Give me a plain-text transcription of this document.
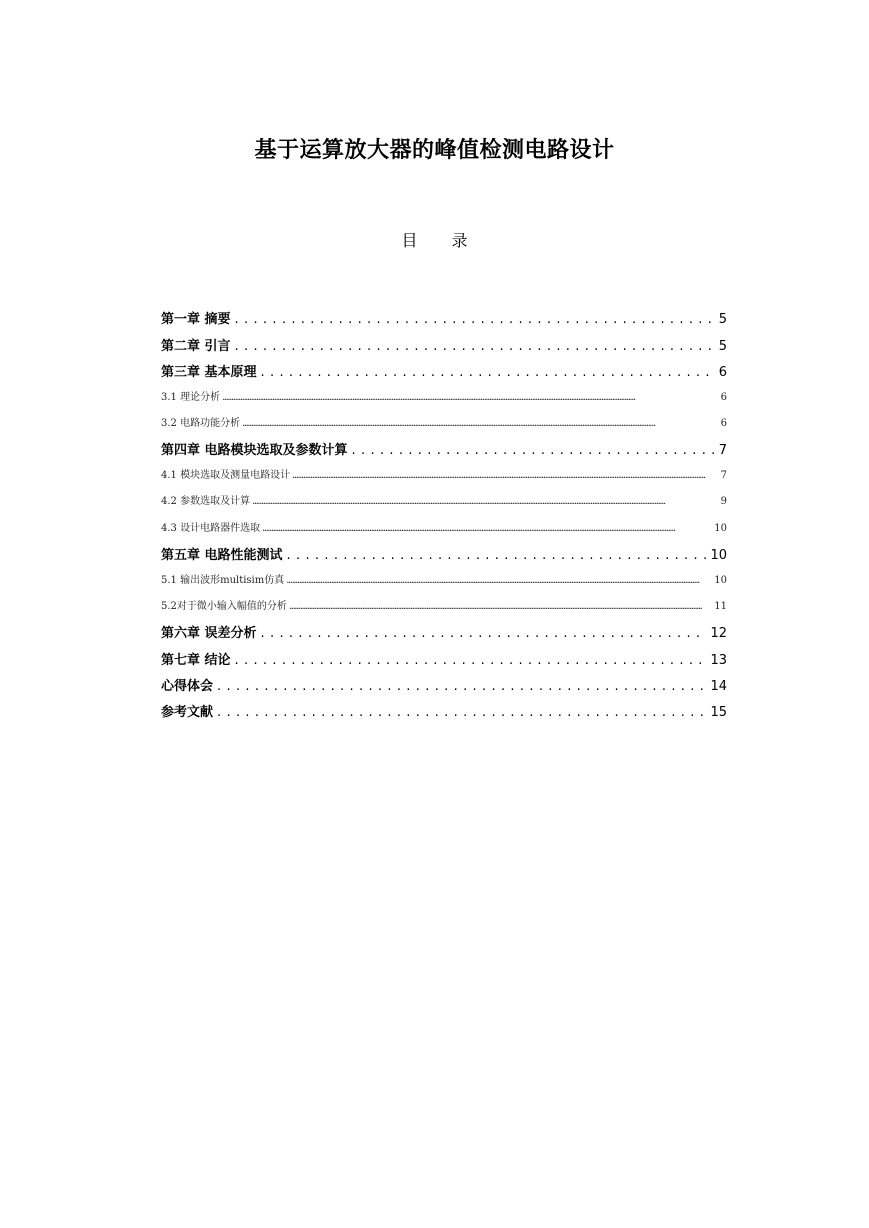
基于运算放大器的峰值检测电路设计
目 录
第一章 摘要 . . .	5
第二章 引言 . . .	5
第三章 基本原理 . . .	6
3.1 理论分析 .....	6
3.2 电路功能分析 .....	6
第四章 电路模块选取及参数计算 . . .	7
4.1 模块选取及测量电路设计 .....	7
4.2 参数选取及计算 .....	9
4.3 设计电路器件选取 .....	10
第五章 电路性能测试 . . .	10
5.1 输出波形multisim仿真 .....	10
5.2对于微小输入幅值的分析 .....	11
第六章 误差分析 . . .	12
第七章 结论 . . .	13
心得体会 . . .	14
参考文献 . . .	15
